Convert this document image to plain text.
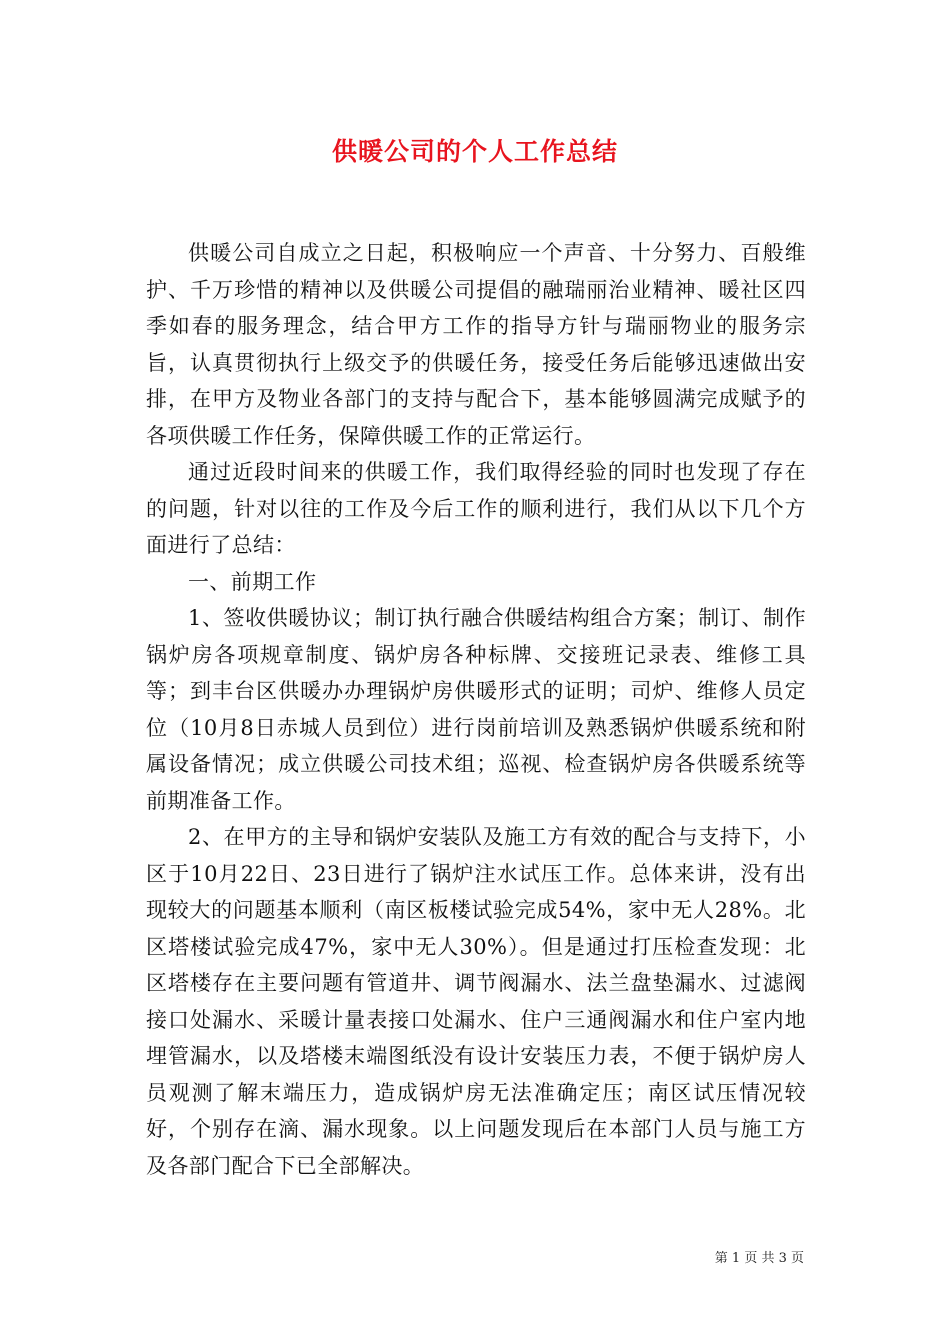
供暖公司的个人工作总结

供暖公司自成立之日起，积极响应一个声音、十分努力、百般维护、千万珍惜的精神以及供暖公司提倡的融瑞丽治业精神、暖社区四季如春的服务理念，结合甲方工作的指导方针与瑞丽物业的服务宗旨，认真贯彻执行上级交予的供暖任务，接受任务后能够迅速做出安排，在甲方及物业各部门的支持与配合下，基本能够圆满完成赋予的各项供暖工作任务，保障供暖工作的正常运行。

通过近段时间来的供暖工作，我们取得经验的同时也发现了存在的问题，针对以往的工作及今后工作的顺利进行，我们从以下几个方面进行了总结：

一、前期工作

1、签收供暖协议；制订执行融合供暖结构组合方案；制订、制作锅炉房各项规章制度、锅炉房各种标牌、交接班记录表、维修工具等；到丰台区供暖办办理锅炉房供暖形式的证明；司炉、维修人员定位（10月8日赤城人员到位）进行岗前培训及熟悉锅炉供暖系统和附属设备情况；成立供暖公司技术组；巡视、检查锅炉房各供暖系统等前期准备工作。

2、在甲方的主导和锅炉安装队及施工方有效的配合与支持下，小区于10月22日、23日进行了锅炉注水试压工作。总体来讲，没有出现较大的问题基本顺利（南区板楼试验完成54%，家中无人28%。北区塔楼试验完成47%，家中无人30%）。但是通过打压检查发现：北区塔楼存在主要问题有管道井、调节阀漏水、法兰盘垫漏水、过滤阀接口处漏水、采暖计量表接口处漏水、住户三通阀漏水和住户室内地埋管漏水，以及塔楼末端图纸没有设计安装压力表，不便于锅炉房人员观测了解末端压力，造成锅炉房无法准确定压；南区试压情况较好，个别存在滴、漏水现象。以上问题发现后在本部门人员与施工方及各部门配合下已全部解决。

第 1 页 共 3 页
